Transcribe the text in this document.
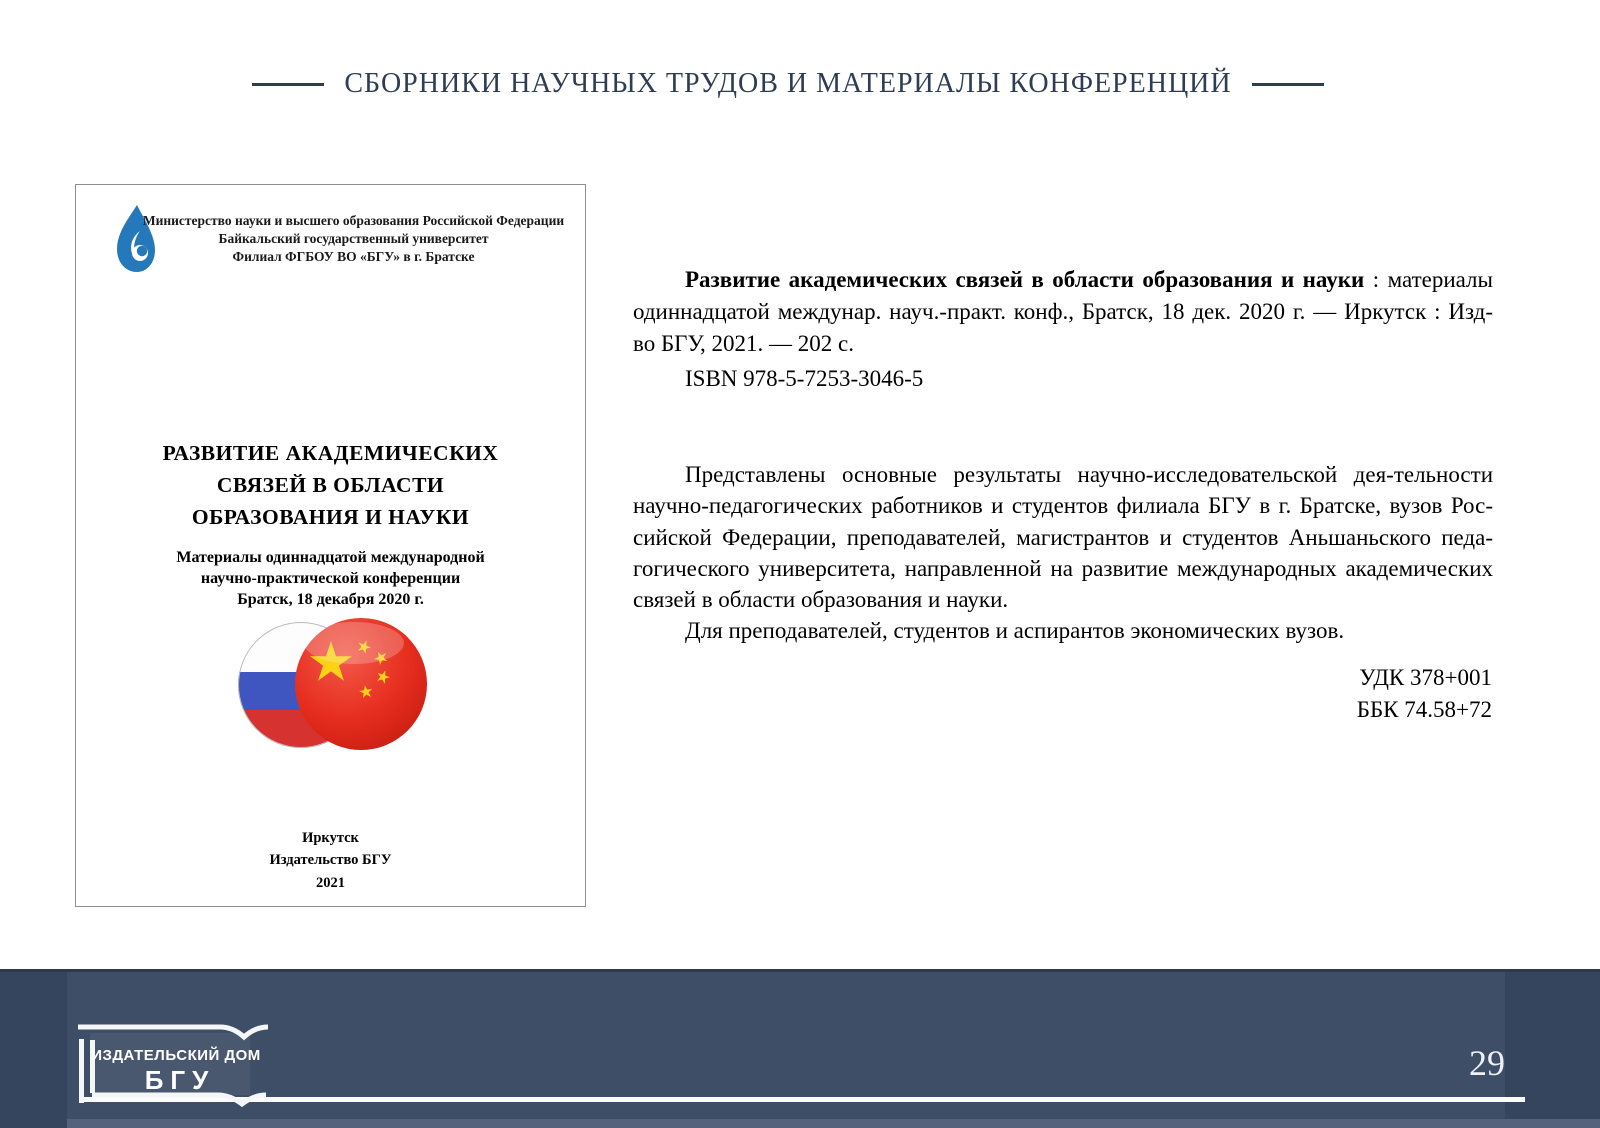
СБОРНИКИ НАУЧНЫХ ТРУДОВ И МАТЕРИАЛЫ КОНФЕРЕНЦИЙ
Министерство науки и высшего образования Российской Федерации
Байкальский государственный университет
Филиал ФГБОУ ВО «БГУ» в г. Братске
РАЗВИТИЕ АКАДЕМИЧЕСКИХ
СВЯЗЕЙ В ОБЛАСТИ
ОБРАЗОВАНИЯ И НАУКИ
Материалы одиннадцатой международной
научно-практической конференции
Братск, 18 декабря 2020 г.
Иркутск
Издательство БГУ
2021
Развитие академических связей в области образования и науки : материалы
одиннадцатой междунар. науч.-практ. конф., Братск, 18 дек. 2020 г. — Иркутск : Изд-
во БГУ, 2021. — 202 с.
ISBN 978-5-7253-3046-5
Представлены основные результаты научно-исследовательской дея-тельности
научно-педагогических работников и студентов филиала БГУ в г. Братске, вузов Рос-
сийской Федерации, преподавателей, магистрантов и студентов Аньшаньского педа-
гогического университета, направленной на развитие международных академических
связей в области образования и науки.
Для преподавателей, студентов и аспирантов экономических вузов.
УДК 378+001
ББК 74.58+72
ИЗДАТЕЛЬСКИЙ ДОМ
БГУ	29
